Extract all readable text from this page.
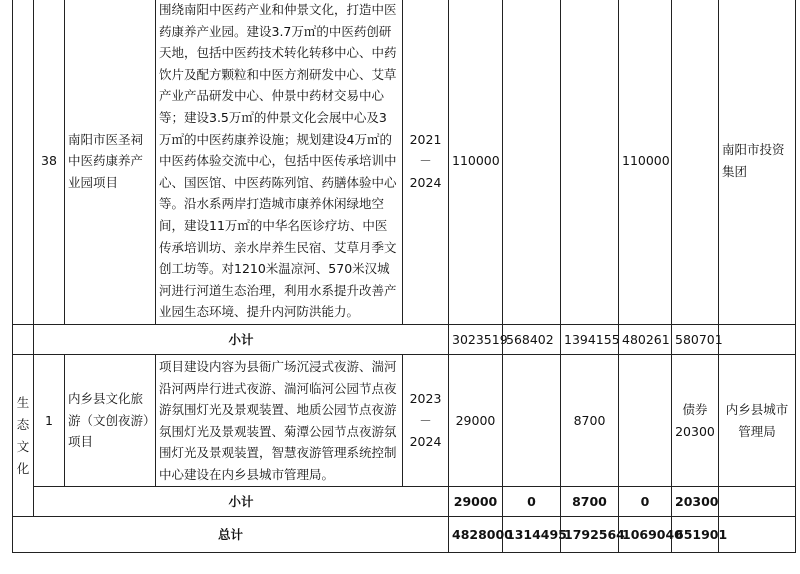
	38	南阳市医圣祠中医药康养产业园项目	围绕南阳中医药产业和仲景文化，打造中医药康养产业园。建设3.7万㎡的中医药创研天地，包括中医药技术转化转移中心、中药饮片及配方颗粒和中医方剂研发中心、艾草产业产品研发中心、仲景中药材交易中心等；建设3.5万㎡的仲景文化会展中心及3万㎡的中医药康养设施；规划建设4万㎡的中医药体验交流中心，包括中医传承培训中心、国医馆、中医药陈列馆、药膳体验中心等。沿水系两岸打造城市康养休闲绿地空间，建设11万㎡的中华名医诊疗坊、中医传承培训坊、亲水岸养生民宿、艾草月季文创工坊等。对1210米温凉河、570米汉城河进行河道生态治理，利用水系提升改善产业园生态环境、提升内河防洪能力。	2021－2024	110000			110000		南阳市投资集团
	小计				3023519	568402	1394155	480261	580701	

生
态
文
化	1	内乡县文化旅游（文创夜游）项目	项目建设内容为县衙广场沉浸式夜游、湍河沿河两岸行进式夜游、湍河临河公园节点夜游氛围灯光及景观装置、地质公园节点夜游氛围灯光及景观装置、菊潭公园节点夜游氛围灯光及景观装置，智慧夜游管理系统控制中心建设在内乡县城市管理局。	2023－2024	29000		8700		债券20300	内乡县城市管理局
	小计				29000	0	8700	0	20300	
总计					4828000	1314495	1792564	1069040	651901	
